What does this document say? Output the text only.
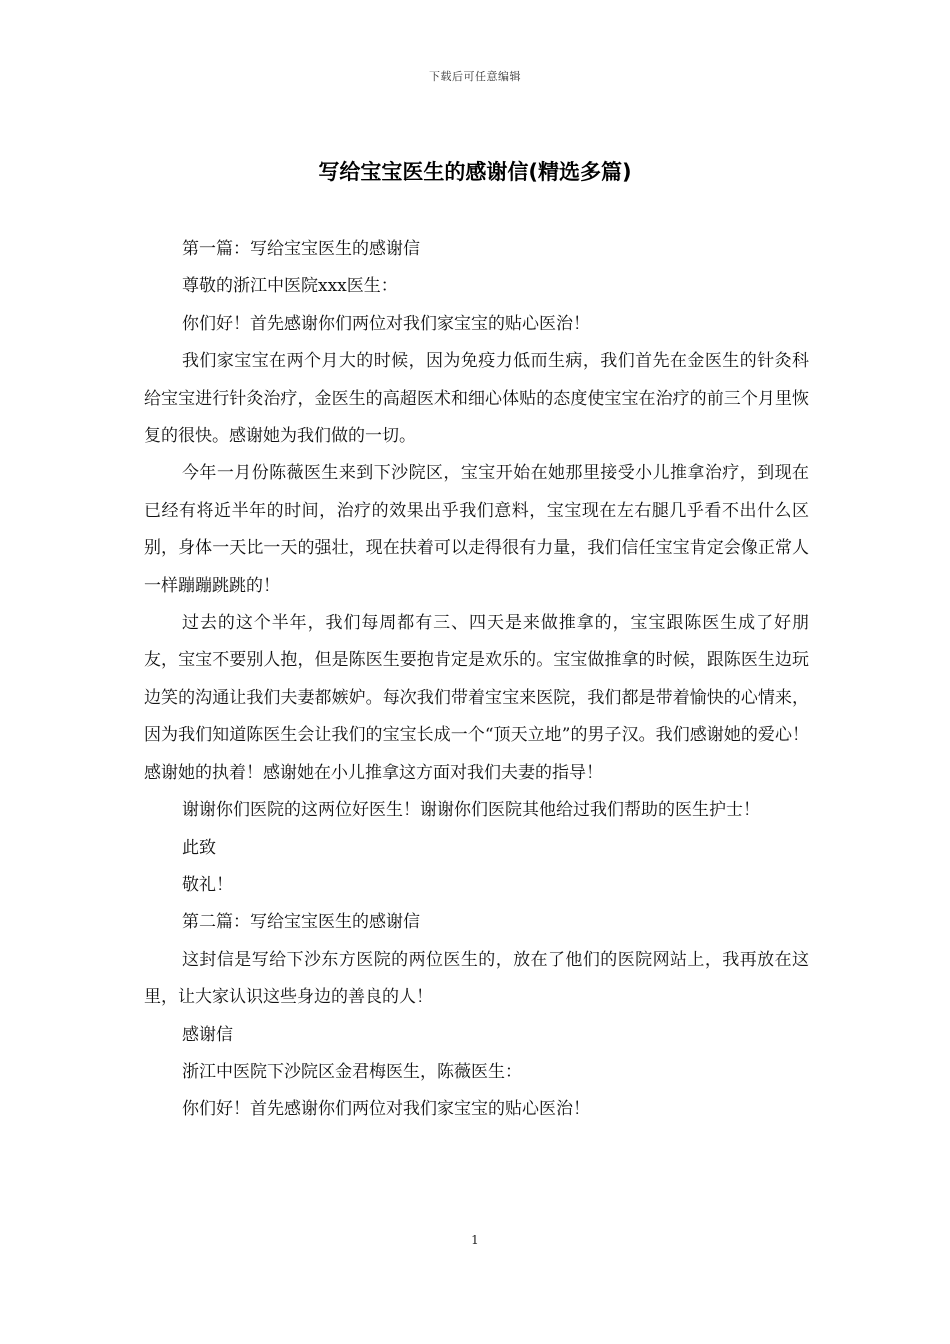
下载后可任意编辑
写给宝宝医生的感谢信(精选多篇)

第一篇：写给宝宝医生的感谢信

尊敬的浙江中医院xxx医生：

你们好！首先感谢你们两位对我们家宝宝的贴心医治！

我们家宝宝在两个月大的时候，因为免疫力低而生病，我们首先在金医生的针灸科给宝宝进行针灸治疗，金医生的高超医术和细心体贴的态度使宝宝在治疗的前三个月里恢复的很快。感谢她为我们做的一切。

今年一月份陈薇医生来到下沙院区，宝宝开始在她那里接受小儿推拿治疗，到现在已经有将近半年的时间，治疗的效果出乎我们意料，宝宝现在左右腿几乎看不出什么区别，身体一天比一天的强壮，现在扶着可以走得很有力量，我们信任宝宝肯定会像正常人一样蹦蹦跳跳的！

过去的这个半年，我们每周都有三、四天是来做推拿的，宝宝跟陈医生成了好朋友，宝宝不要别人抱，但是陈医生要抱肯定是欢乐的。宝宝做推拿的时候，跟陈医生边玩边笑的沟通让我们夫妻都嫉妒。每次我们带着宝宝来医院，我们都是带着愉快的心情来，因为我们知道陈医生会让我们的宝宝长成一个“顶天立地”的男子汉。我们感谢她的爱心！感谢她的执着！感谢她在小儿推拿这方面对我们夫妻的指导！

谢谢你们医院的这两位好医生！谢谢你们医院其他给过我们帮助的医生护士！

此致

敬礼！

第二篇：写给宝宝医生的感谢信

这封信是写给下沙东方医院的两位医生的，放在了他们的医院网站上，我再放在这里，让大家认识这些身边的善良的人！

感谢信

浙江中医院下沙院区金君梅医生，陈薇医生：

你们好！首先感谢你们两位对我们家宝宝的贴心医治！

1
